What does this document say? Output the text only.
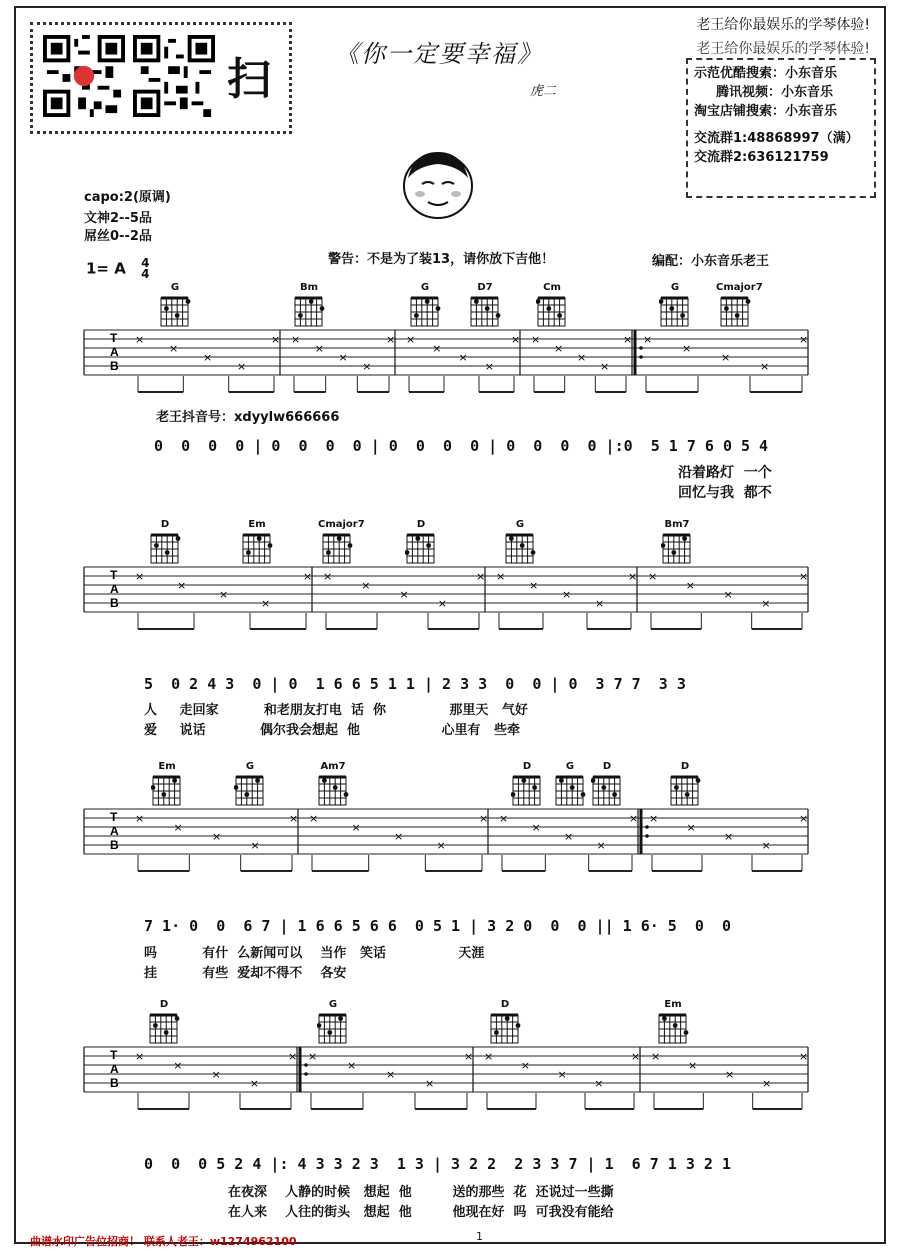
扫	《你一定要幸福》
虎二
老王给你最娱乐的学琴体验!
老王给你最娱乐的学琴体验!
示范优酷搜索：小东音乐
腾讯视频：小东音乐
淘宝店铺搜索：小东音乐
交流群1:48868997（满）
交流群2:636121759
capo:2(原调)
文神2--5品
屌丝0--2品
1= A 4
4
警告：不是为了装13，请你放下吉他！	编配：小东音乐老王
T
A
B
×
×
×
×
× ×
×
×
×
× ×
×
×
×
× ×
×
×
×
× ×
×
×
×
×
T
A
B
×
×
×
×
× ×
×
×
×
× ×
×
×
×
× ×
×
×
×
×
T
A
B
×
×
×
×
× ×
×
×
×
× ×
×
×
×
× ×
×
×
×
×
T
A
B
×
×
×
×
× ×
×
×
×
× ×
×
×
×
× ×
×
×
×
×
G	Bm	G	D7	Cm	G	Cmajor7
D	Em	Cmajor7	D	G	Bm7
Em	G	Am7	D	G	D	D
D	G	D	Em
老王抖音号：xdyylw666666
0  0  0  0 | 0  0  0  0 | 0  0  0  0 | 0  0  0  0 |:0  5 1 7 6 0 5 4
沿着路灯  一个
回忆与我  都不
5  0 2 4 3  0 | 0  1 6 6 5 1 1 | 2 3 3  0  0 | 0  3 7 7  3 3
人     走回家          和老朋友打电  话  你              那里天   气好
爱     说话            偶尔我会想起  他                  心里有   些牵
7 1· 0  0  6 7 | 1 6 6 5 6 6  0 5 1 | 3 2 0  0  0 || 1 6· 5  0  0
吗          有什  么新闻可以    当作   笑话                天涯
挂          有些  爱却不得不    各安
0  0  0 5 2 4 |: 4 3 3 2 3  1 3 | 3 2 2  2 3 3 7 | 1  6 7 1 3 2 1
在夜深    人静的时候   想起  他         送的那些  花  还说过一些撕
在人来    人往的街头   想起  他         他现在好  吗  可我没有能给
曲谱水印广告位招商！ 联系人老王：w1274962100	1
